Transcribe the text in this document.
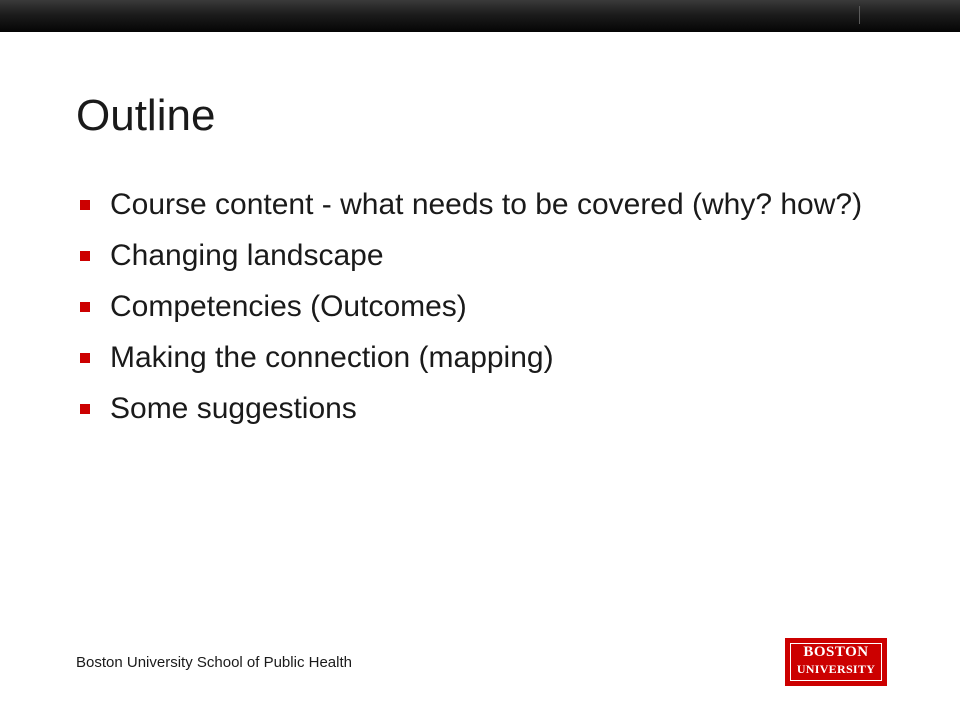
Outline
Course content - what needs to be covered (why? how?)
Changing landscape
Competencies (Outcomes)
Making the connection (mapping)
Some suggestions
Boston University School of Public Health
BOSTON
UNIVERSITY
